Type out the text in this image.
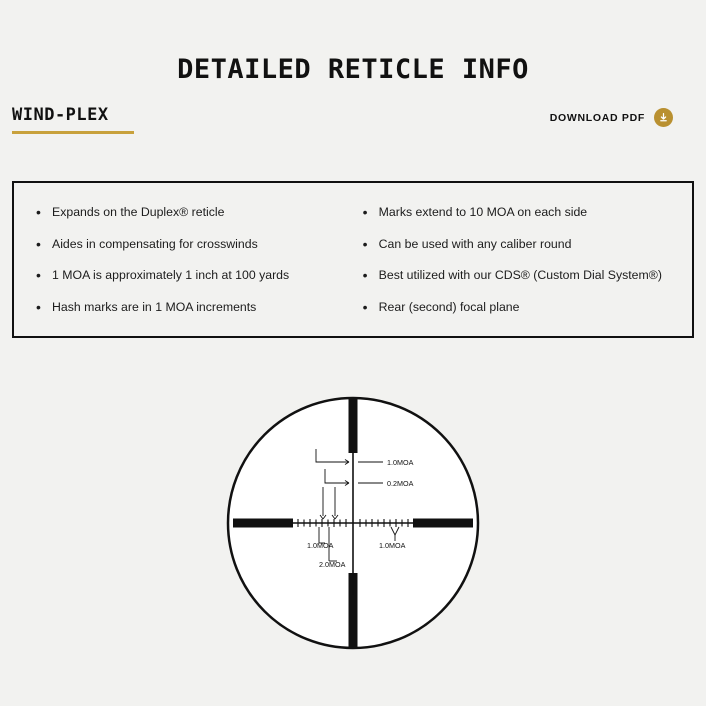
DETAILED RETICLE INFO
WIND-PLEX	DOWNLOAD PDF
• Expands on the Duplex® reticle
• Aides in compensating for crosswinds
• 1 MOA is approximately 1 inch at 100 yards
• Hash marks are in 1 MOA increments
• Marks extend to 10 MOA on each side
• Can be used with any caliber round
• Best utilized with our CDS® (Custom Dial System®)
• Rear (second) focal plane
1.0MOA
0.2MOA
1.0MOA
2.0MOA
1.0MOA
